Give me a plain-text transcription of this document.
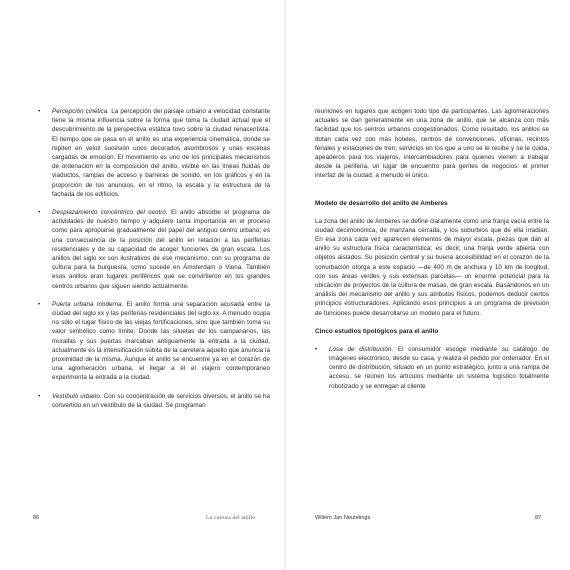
• Percepción cinética. La percepción del paisaje urbano a velocidad constante tiene la misma influencia sobre la forma que toma la ciudad actual que el descubrimiento de la perspectiva estática tuvo sobre la ciudad renacentista. El tiempo que se pasa en el anillo es una experiencia cinemática, donde se repiten en veloz sucesión unos decorados asombrosos y unas escenas cargadas de emoción. El movimiento es uno de los principales mecanismos de ordenación en la composición del anillo, visible en las líneas fluidas de viaductos, rampas de acceso y barreras de sonido, en los gráficos y en la proporción de los anuncios, en el ritmo, la escala y la estructura de la fachada de los edificios.
• Desplazamiento concéntrico del centro. El anillo absorbe el programa de actividades de nuestro tiempo y adquiere tanta importancia en el proceso como para apropiarse gradualmente del papel del antiguo centro urbano; es una consecuencia de la posición del anillo en relación a las periferias residenciales y de su capacidad de acoger funciones de gran escala. Los anillos del siglo xx son ilustrativos de ese mecanismo, con su programa de cultura para la burguesía, como sucede en Ámsterdam o Viena. También esos anillos eran lugares periféricos que se convirtieron en los grandes centros urbanos que siguen siendo actualmente.
• Puerta urbana moderna. El anillo forma una separación acusada entre la ciudad del siglo xx y las periferias residenciales del siglo xx. A menudo ocupa no sólo el lugar físico de las viejas fortificaciones, sino que también toma su valor simbólico como límite. Donde las siluetas de los campanarios, las murallas y sus puertas marcaban antiguamente la entrada a la ciudad, actualmente es la intensificación súbita de la carretera aquello que anuncia la proximidad de la misma. Aunque el anillo se encuentre ya en el corazón de una aglomeración urbana, el llegar a él el viajero contemporáneo experimenta la entrada a la ciudad.
• Vestíbulo urbano. Con su concentración de servicios diversos, el anillo se ha convertido en un vestíbulo de la ciudad. Se programan
86	La cultura del anillo

reuniones en lugares que acogen todo tipo de participantes. Las aglomeraciones actuales se dan generalmente en una zona de anillo, que se alcanza con más facilidad que los centros urbanos congestionados. Como resultado, los anillos se dotan cada vez con más hoteles, centros de convenciones, oficinas, recintos feriales y estaciones de tren; servicios en los que a uno se le recibe y se le cuida, apeaderos para los viajeros, intercambiadores para quienes vienen a trabajar desde la periferia, un lugar de encuentro para gentes de negocios: el primer interfaz de la ciudad; a menudo el único.

Modelo de desarrollo del anillo de Amberes

La zona del anillo de Amberes se define claramente como una franja vacía entre la ciudad decimonónica, de manzana cerrada, y los suburbios que de ella irradian. En esa zona cada vez aparecen elementos de mayor escala, piezas que dan al anillo su estructura física característica; es decir, una franja verde abierta con objetos aislados. Su posición central y su buena accesibilidad en el corazón de la conurbación otorga a este espacio —de 400 m de anchura y 10 km de longitud, con sus áreas verdes y sus extensas parcelas— un enorme potencial para la ubicación de proyectos de la cultura de masas, de gran escala. Basándonos en un análisis del mecanismo del anillo y sus atributos físicos, podemos deducir ciertos principios estructuradores. Aplicando esos principios a un programa de previsión de funciones puede desarrollarse un modelo para el futuro.

Cinco estudios tipológicos para el anillo
• Losa de distribución. El consumidor escoge mediante su catálogo de imágenes electrónico, desde su casa, y realiza el pedido por ordenador. En el centro de distribución, situado en un punto estratégico, junto a una rampa de acceso, se reúnen los artículos mediante un sistema logístico totalmente robotizado y se entregan al cliente
Willem Jan Neutelings	87
